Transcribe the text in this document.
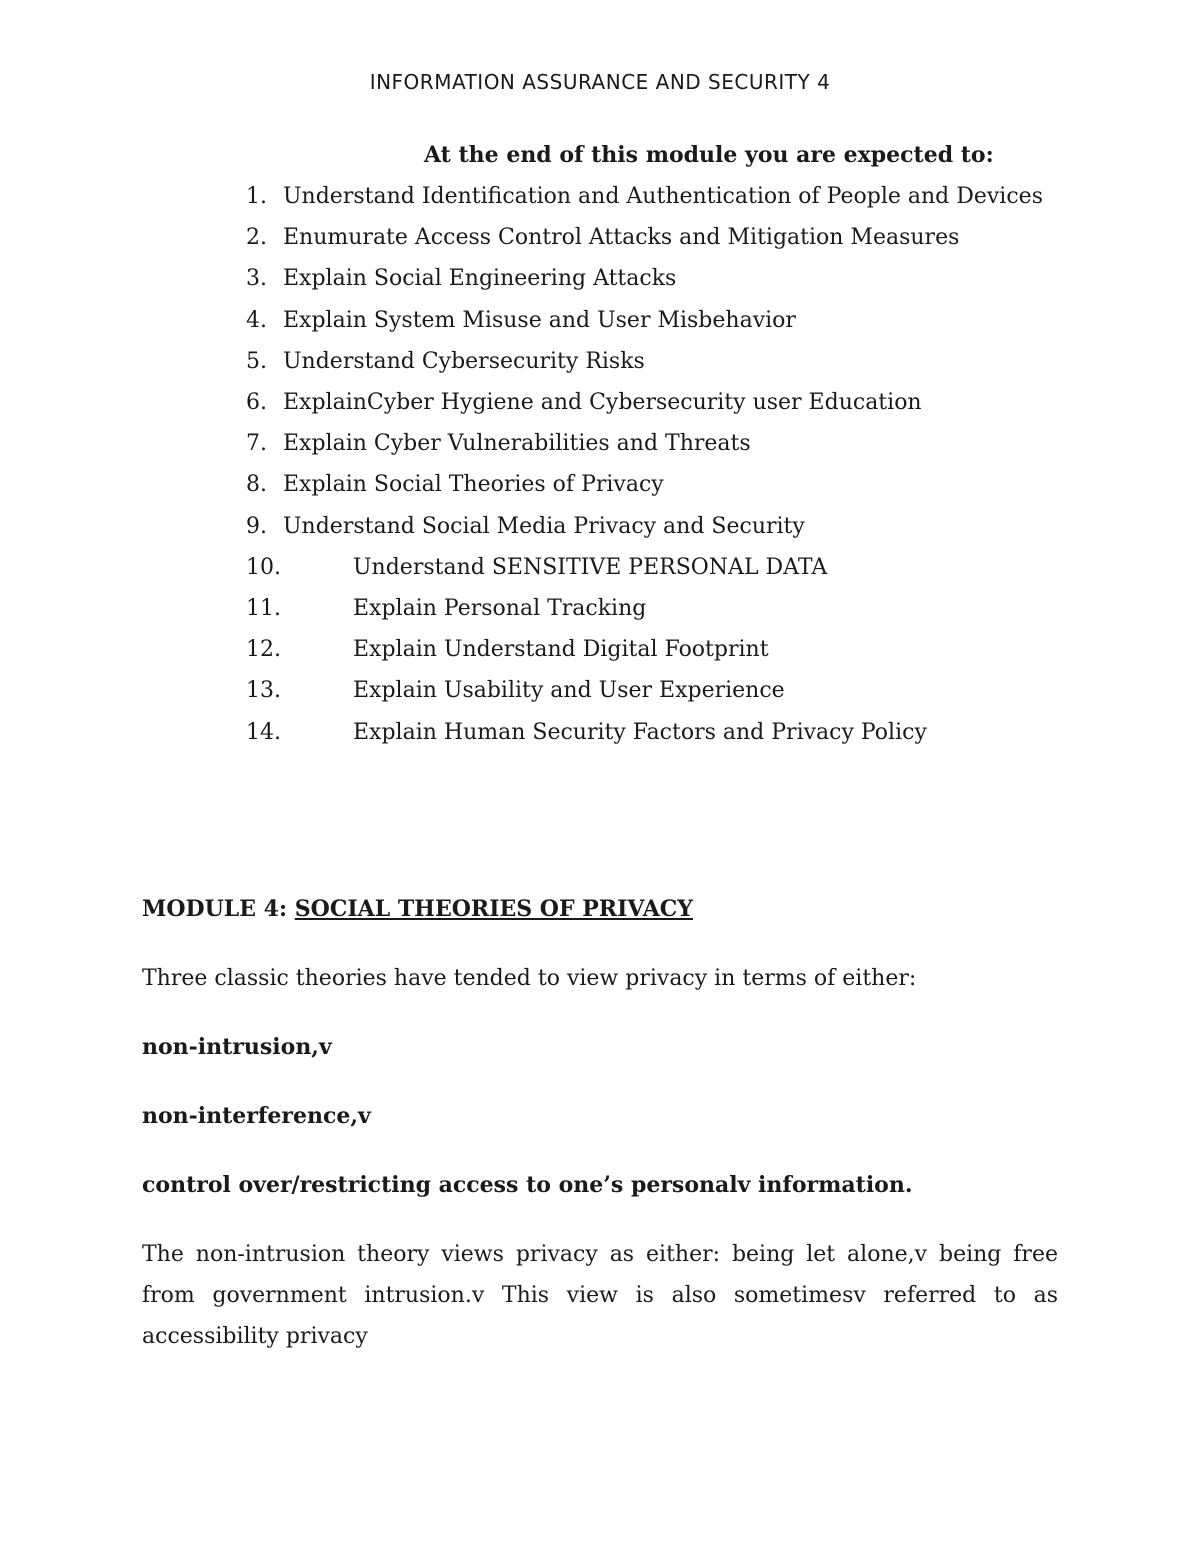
INFORMATION ASSURANCE AND SECURITY 4
At the end of this module you are expected to:
1. Understand Identification and Authentication of People and Devices
2. Enumurate Access Control Attacks and Mitigation Measures
3. Explain Social Engineering Attacks
4. Explain System Misuse and User Misbehavior
5. Understand Cybersecurity Risks
6. ExplainCyber Hygiene and Cybersecurity user Education
7. Explain Cyber Vulnerabilities and Threats
8. Explain Social Theories of Privacy
9. Understand Social Media Privacy and Security
10.	Understand SENSITIVE PERSONAL DATA
11.	Explain Personal Tracking
12.	Explain Understand Digital Footprint
13.	Explain Usability and User Experience
14.	Explain Human Security Factors and Privacy Policy
MODULE 4: SOCIAL THEORIES OF PRIVACY

Three classic theories have tended to view privacy in terms of either:

non-intrusion,v

non-interference,v

control over/restricting access to one’s personalv information.

The non-intrusion theory views privacy as either: being let alone,v being free from government intrusion.v This view is also sometimesv referred to as accessibility privacy
